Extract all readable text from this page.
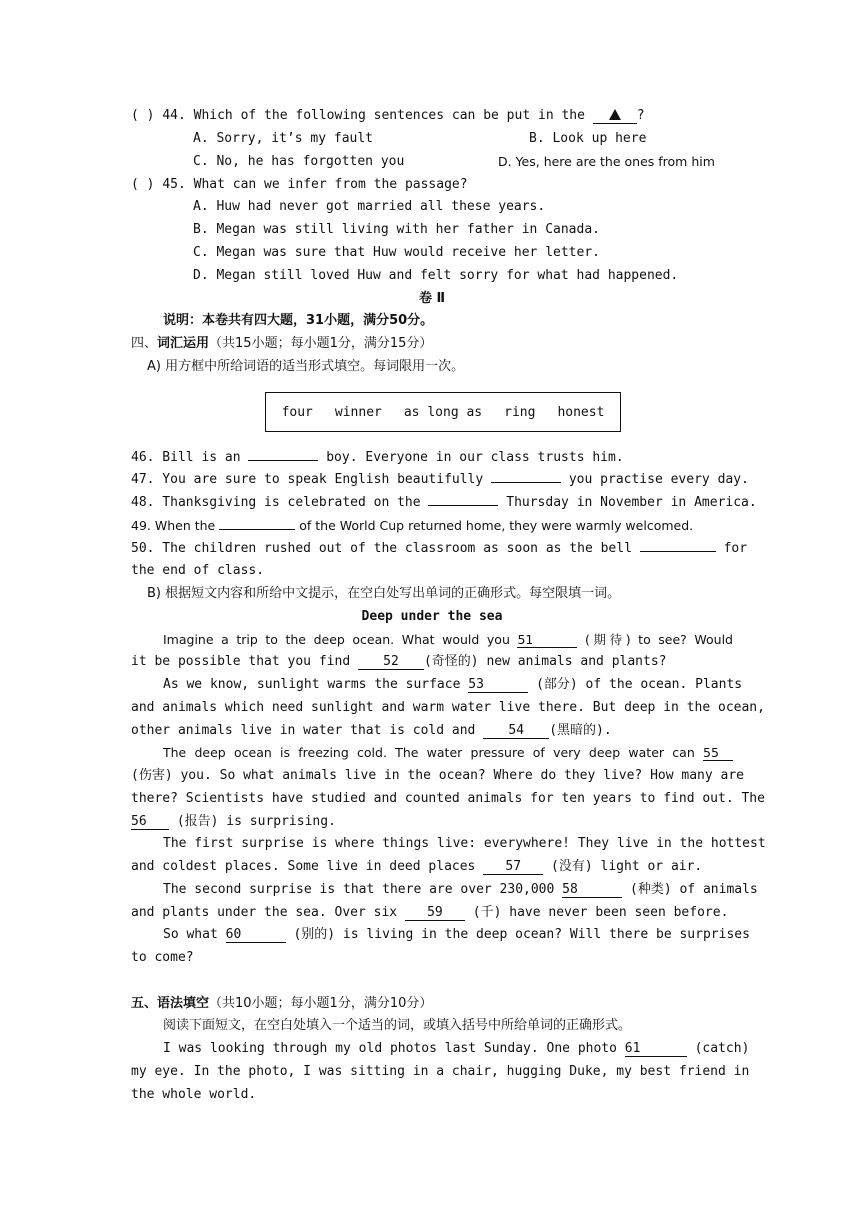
( ) 44. Which of the following sentences can be put in the	?
A. Sorry, it’s my fault	B. Look up here
C. No, he has forgotten you	D. Yes, here are the ones from him
( ) 45. What can we infer from the passage?
A. Huw had never got married all these years.
B. Megan was still living with her father in Canada.
C. Megan was sure that Huw would receive her letter.
D. Megan still loved Huw and felt sorry for what had happened.
卷 Ⅱ
说明：本卷共有四大题，31小题，满分50分。
四、词汇运用（共15小题；每小题1分，满分15分）
A) 用方框中所给词语的适当形式填空。每词限用一次。
four winner as long as ring honest
46. Bill is an	boy. Everyone in our class trusts him.
47. You are sure to speak English beautifully	you practise every day.
48. Thanksgiving is celebrated on the	Thursday in November in America.
49. When the	of the World Cup returned home, they were warmly welcomed.
50. The children rushed out of the classroom as soon as the bell	for
the end of class.
B) 根据短文内容和所给中文提示，在空白处写出单词的正确形式。每空限填一词。
Deep under the sea
Imagine a trip to the deep ocean. What would you 51	(期待) to see? Would
it be possible that you find	52 (奇怪的) new animals and plants?
As we know, sunlight warms the surface 53	(部分) of the ocean. Plants
and animals which need sunlight and warm water live there. But deep in the ocean,
other animals live in water that is cold and	54 (黑暗的).
The deep ocean is freezing cold. The water pressure of very deep water can 55
(伤害) you. So what animals live in the ocean? Where do they live? How many are
there? Scientists have studied and counted animals for ten years to find out. The
56 (报告) is surprising.
The first surprise is where things live: everywhere! They live in the hottest
and coldest places. Some live in deed places 57 (没有) light or air.
The second surprise is that there are over 230,000 58	(种类) of animals
and plants under the sea. Over six 59 (千) have never been seen before.
So what 60	(别的) is living in the deep ocean? Will there be surprises
to come?
五、语法填空（共10小题；每小题1分，满分10分）
阅读下面短文，在空白处填入一个适当的词，或填入括号中所给单词的正确形式。
I was looking through my old photos last Sunday. One photo 61	(catch)
my eye. In the photo, I was sitting in a chair, hugging Duke, my best friend in
the whole world.
